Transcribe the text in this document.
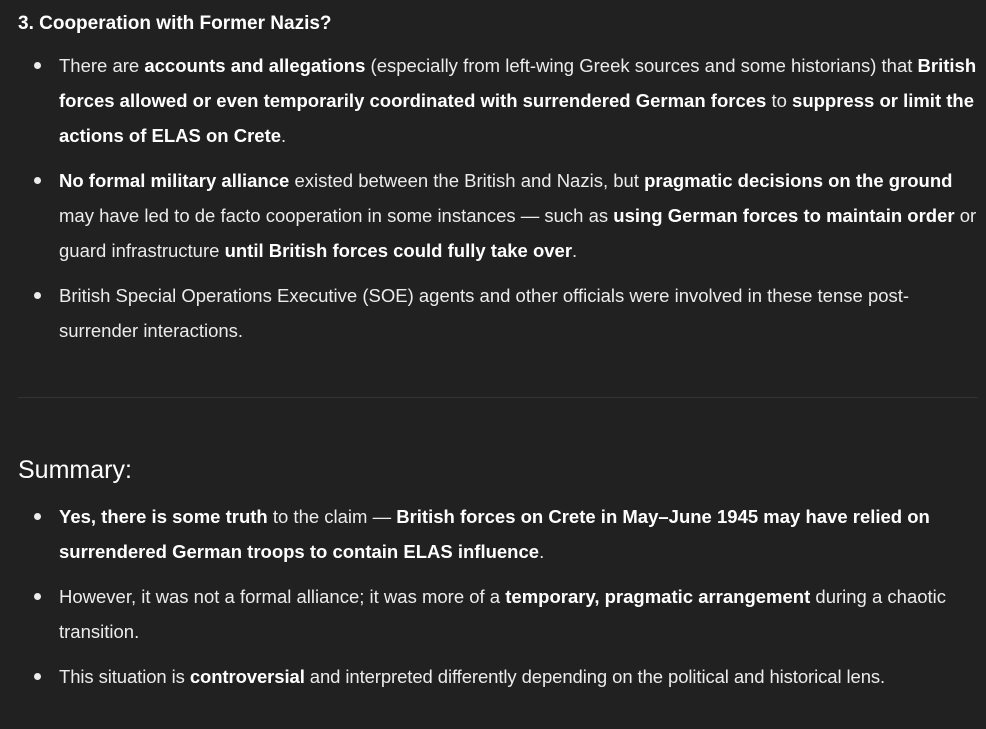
3. Cooperation with Former Nazis?
There are accounts and allegations (especially from left-wing Greek sources and some historians) that British forces allowed or even temporarily coordinated with surrendered German forces to suppress or limit the actions of ELAS on Crete.
No formal military alliance existed between the British and Nazis, but pragmatic decisions on the ground may have led to de facto cooperation in some instances — such as using German forces to maintain order or guard infrastructure until British forces could fully take over.
British Special Operations Executive (SOE) agents and other officials were involved in these tense post-surrender interactions.
Summary:
Yes, there is some truth to the claim — British forces on Crete in May–June 1945 may have relied on surrendered German troops to contain ELAS influence.
However, it was not a formal alliance; it was more of a temporary, pragmatic arrangement during a chaotic transition.
This situation is controversial and interpreted differently depending on the political and historical lens.
